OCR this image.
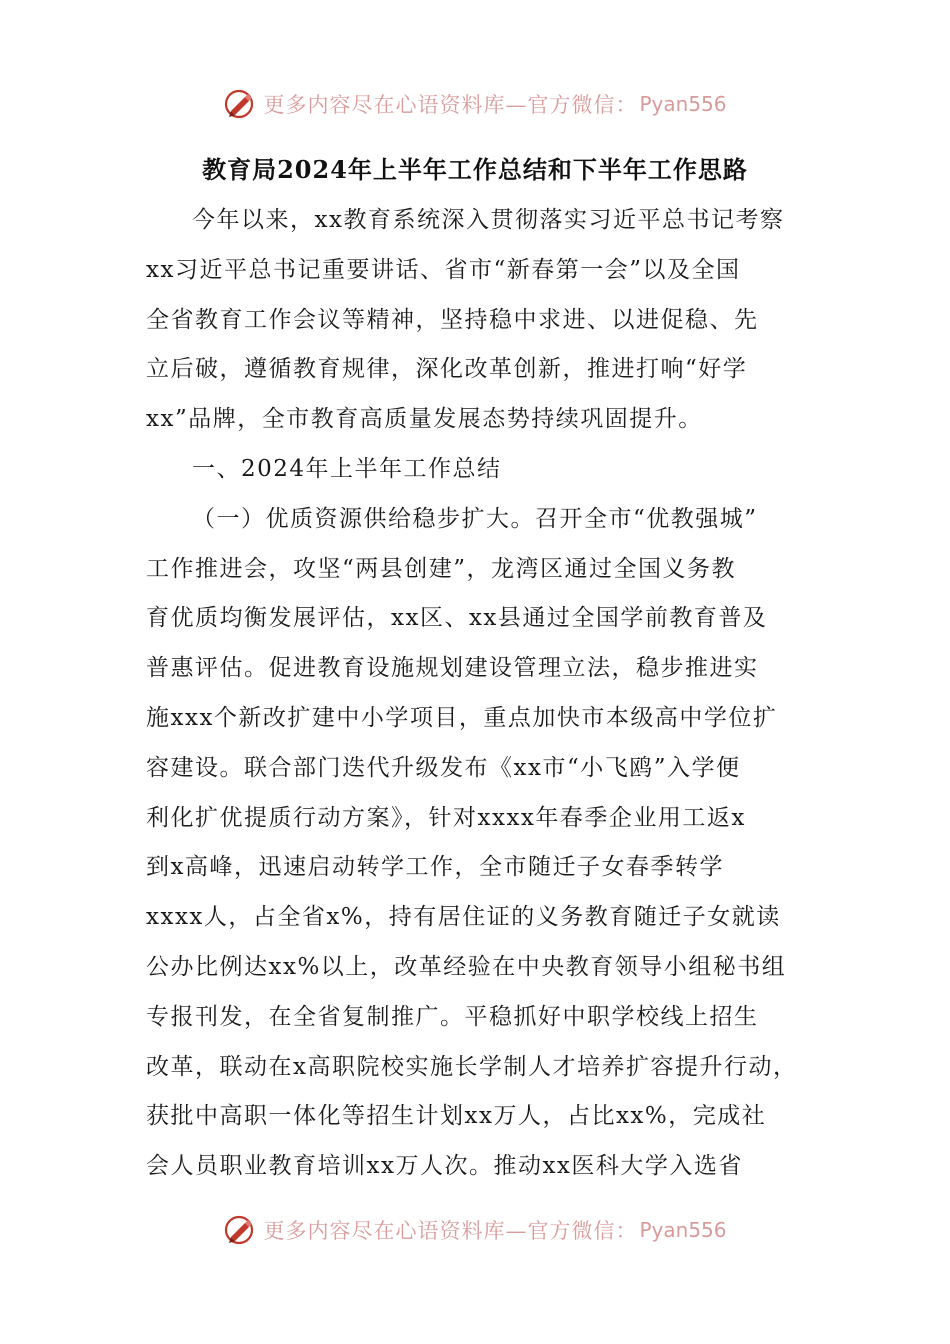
更多内容尽在心语资料库—官方微信： Pyan556
教育局2024年上半年工作总结和下半年工作思路
今年以来，xx教育系统深入贯彻落实习近平总书记考察
xx习近平总书记重要讲话、省市“新春第一会”以及全国
全省教育工作会议等精神，坚持稳中求进、以进促稳、先
立后破，遵循教育规律，深化改革创新，推进打响“好学
xx”品牌，全市教育高质量发展态势持续巩固提升。
一、2024年上半年工作总结
（一）优质资源供给稳步扩大。召开全市“优教强城”
工作推进会，攻坚“两县创建”，龙湾区通过全国义务教
育优质均衡发展评估，xx区、xx县通过全国学前教育普及
普惠评估。促进教育设施规划建设管理立法，稳步推进实
施xxx个新改扩建中小学项目，重点加快市本级高中学位扩
容建设。联合部门迭代升级发布《xx市“小飞鸥”入学便
利化扩优提质行动方案》，针对xxxx年春季企业用工返x
到x高峰，迅速启动转学工作，全市随迁子女春季转学
xxxx人，占全省x%，持有居住证的义务教育随迁子女就读
公办比例达xx%以上，改革经验在中央教育领导小组秘书组
专报刊发，在全省复制推广。平稳抓好中职学校线上招生
改革，联动在x高职院校实施长学制人才培养扩容提升行动，
获批中高职一体化等招生计划xx万人，占比xx%，完成社
会人员职业教育培训xx万人次。推动xx医科大学入选省
更多内容尽在心语资料库—官方微信： Pyan556
